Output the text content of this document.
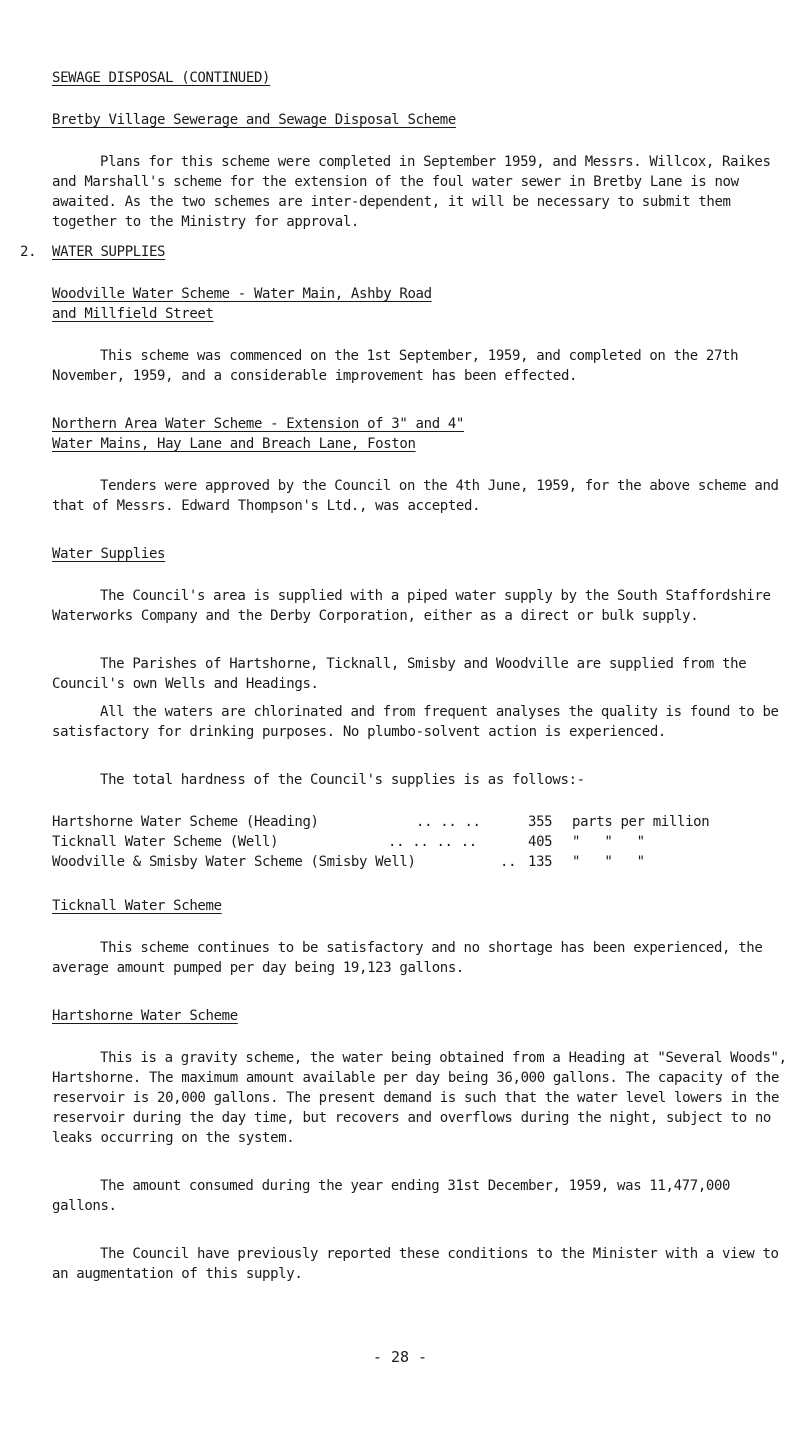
SEWAGE DISPOSAL (CONTINUED)
Bretby Village Sewerage and Sewage Disposal Scheme
Plans for this scheme were completed in September 1959, and Messrs. Willcox, Raikes and Marshall's scheme for the extension of the foul water sewer in Bretby Lane is now awaited. As the two schemes are inter-dependent, it will be necessary to submit them together to the Ministry for approval.
2. WATER SUPPLIES
Woodville Water Scheme - Water Main, Ashby Road
and Millfield Street
This scheme was commenced on the 1st September, 1959, and completed on the 27th November, 1959, and a considerable improvement has been effected.
Northern Area Water Scheme - Extension of 3" and 4"
Water Mains, Hay Lane and Breach Lane, Foston
Tenders were approved by the Council on the 4th June, 1959, for the above scheme and that of Messrs. Edward Thompson's Ltd., was accepted.
Water Supplies
The Council's area is supplied with a piped water supply by the South Staffordshire Waterworks Company and the Derby Corporation, either as a direct or bulk supply.
The Parishes of Hartshorne, Ticknall, Smisby and Woodville are supplied from the Council's own Wells and Headings.
All the waters are chlorinated and from frequent analyses the quality is found to be satisfactory for drinking purposes. No plumbo-solvent action is experienced.
The total hardness of the Council's supplies is as follows:-
Hartshorne Water Scheme (Heading)	.. .. ..	355 parts per million
Ticknall Water Scheme (Well)	.. .. .. ..	405 "   "   "
Woodville & Smisby Water Scheme (Smisby Well)	.. 135 "   "   "
Ticknall Water Scheme
This scheme continues to be satisfactory and no shortage has been experienced, the average amount pumped per day being 19,123 gallons.
Hartshorne Water Scheme
This is a gravity scheme, the water being obtained from a Heading at "Several Woods", Hartshorne. The maximum amount available per day being 36,000 gallons. The capacity of the reservoir is 20,000 gallons. The present demand is such that the water level lowers in the reservoir during the day time, but recovers and overflows during the night, subject to no leaks occurring on the system.
The amount consumed during the year ending 31st December, 1959, was 11,477,000 gallons.
The Council have previously reported these conditions to the Minister with a view to an augmentation of this supply.
- 28 -
